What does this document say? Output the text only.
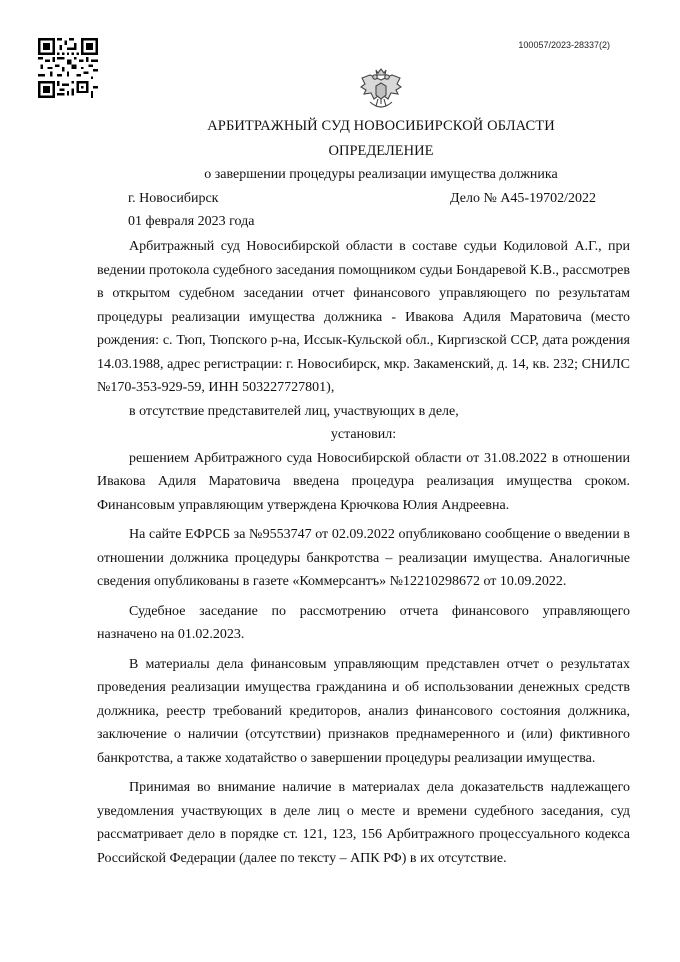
100057/2023-28337(2)
АРБИТРАЖНЫЙ СУД НОВОСИБИРСКОЙ ОБЛАСТИ
ОПРЕДЕЛЕНИЕ
о завершении процедуры реализации имущества должника
г. Новосибирск	Дело № А45-19702/2022
01 февраля 2023 года

Арбитражный суд Новосибирской области в составе судьи Кодиловой А.Г., при ведении протокола судебного заседания помощником судьи Бондаревой К.В., рассмотрев в открытом судебном заседании отчет финансового управляющего по результатам процедуры реализации имущества должника - Ивакова Адиля Маратовича (место рождения: с. Тюп, Тюпского р-на, Иссык-Кульской обл., Киргизской ССР, дата рождения 14.03.1988, адрес регистрации: г. Новосибирск, мкр. Закаменский, д. 14, кв. 232; СНИЛС №170-353-929-59, ИНН 503227727801),

в отсутствие представителей лиц, участвующих в деле,

установил:

решением Арбитражного суда Новосибирской области от 31.08.2022 в отношении Ивакова Адиля Маратовича введена процедура реализация имущества сроком. Финансовым управляющим утверждена Крючкова Юлия Андреевна.

На сайте ЕФРСБ за №9553747 от 02.09.2022 опубликовано сообщение о введении в отношении должника процедуры банкротства – реализации имущества. Аналогичные сведения опубликованы в газете «Коммерсантъ» №12210298672 от 10.09.2022.

Судебное заседание по рассмотрению отчета финансового управляющего назначено на 01.02.2023.

В материалы дела финансовым управляющим представлен отчет о результатах проведения реализации имущества гражданина и об использовании денежных средств должника, реестр требований кредиторов, анализ финансового состояния должника, заключение о наличии (отсутствии) признаков преднамеренного и (или) фиктивного банкротства, а также ходатайство о завершении процедуры реализации имущества.

Принимая во внимание наличие в материалах дела доказательств надлежащего уведомления участвующих в деле лиц о месте и времени судебного заседания, суд рассматривает дело в порядке ст. 121, 123, 156 Арбитражного процессуального кодекса Российской Федерации (далее по тексту – АПК РФ) в их отсутствие.
